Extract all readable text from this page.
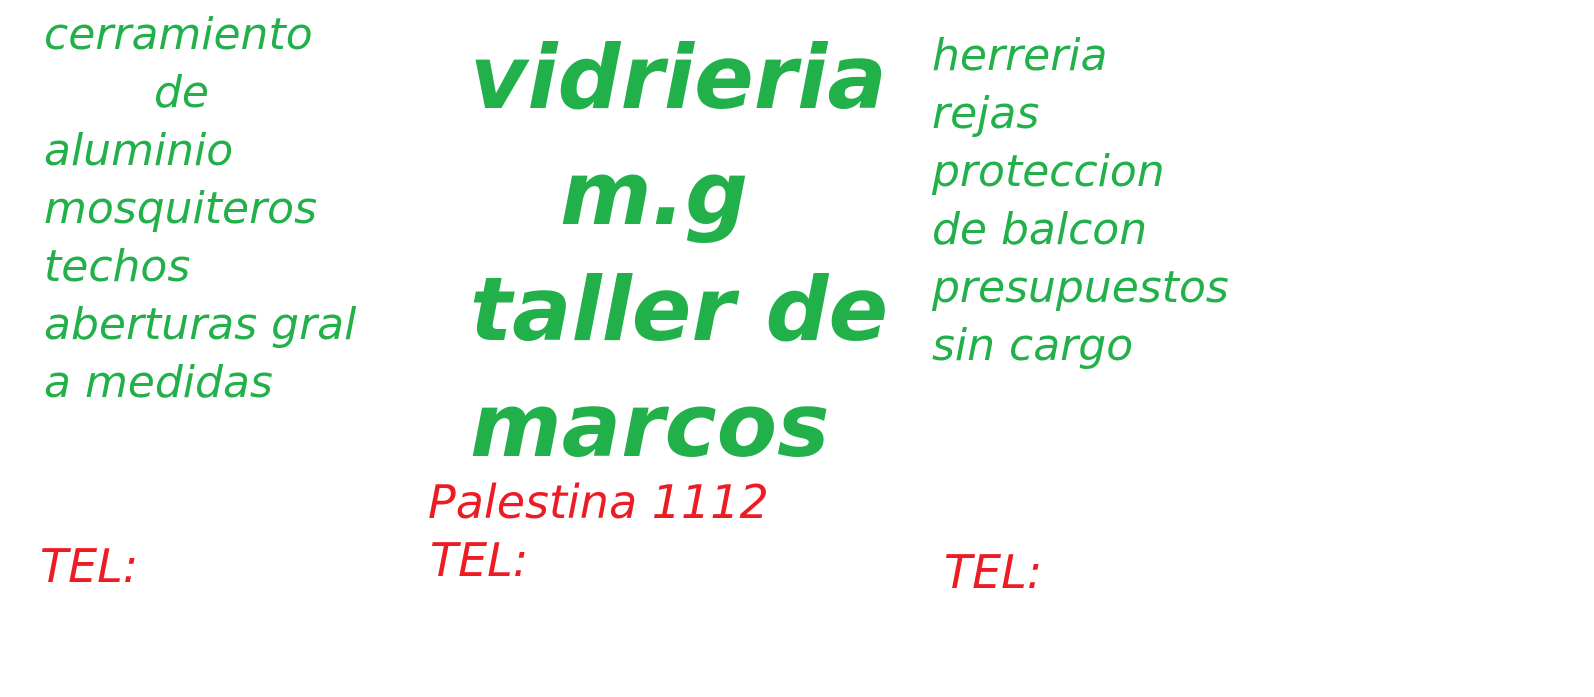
cerramiento
de
aluminio
mosquiteros
techos
aberturas gral
a medidas
vidrieria
m.g
taller de
marcos
herreria
rejas
proteccion
de balcon
presupuestos
sin cargo
Palestina 1112
TEL:	TEL:	TEL:
